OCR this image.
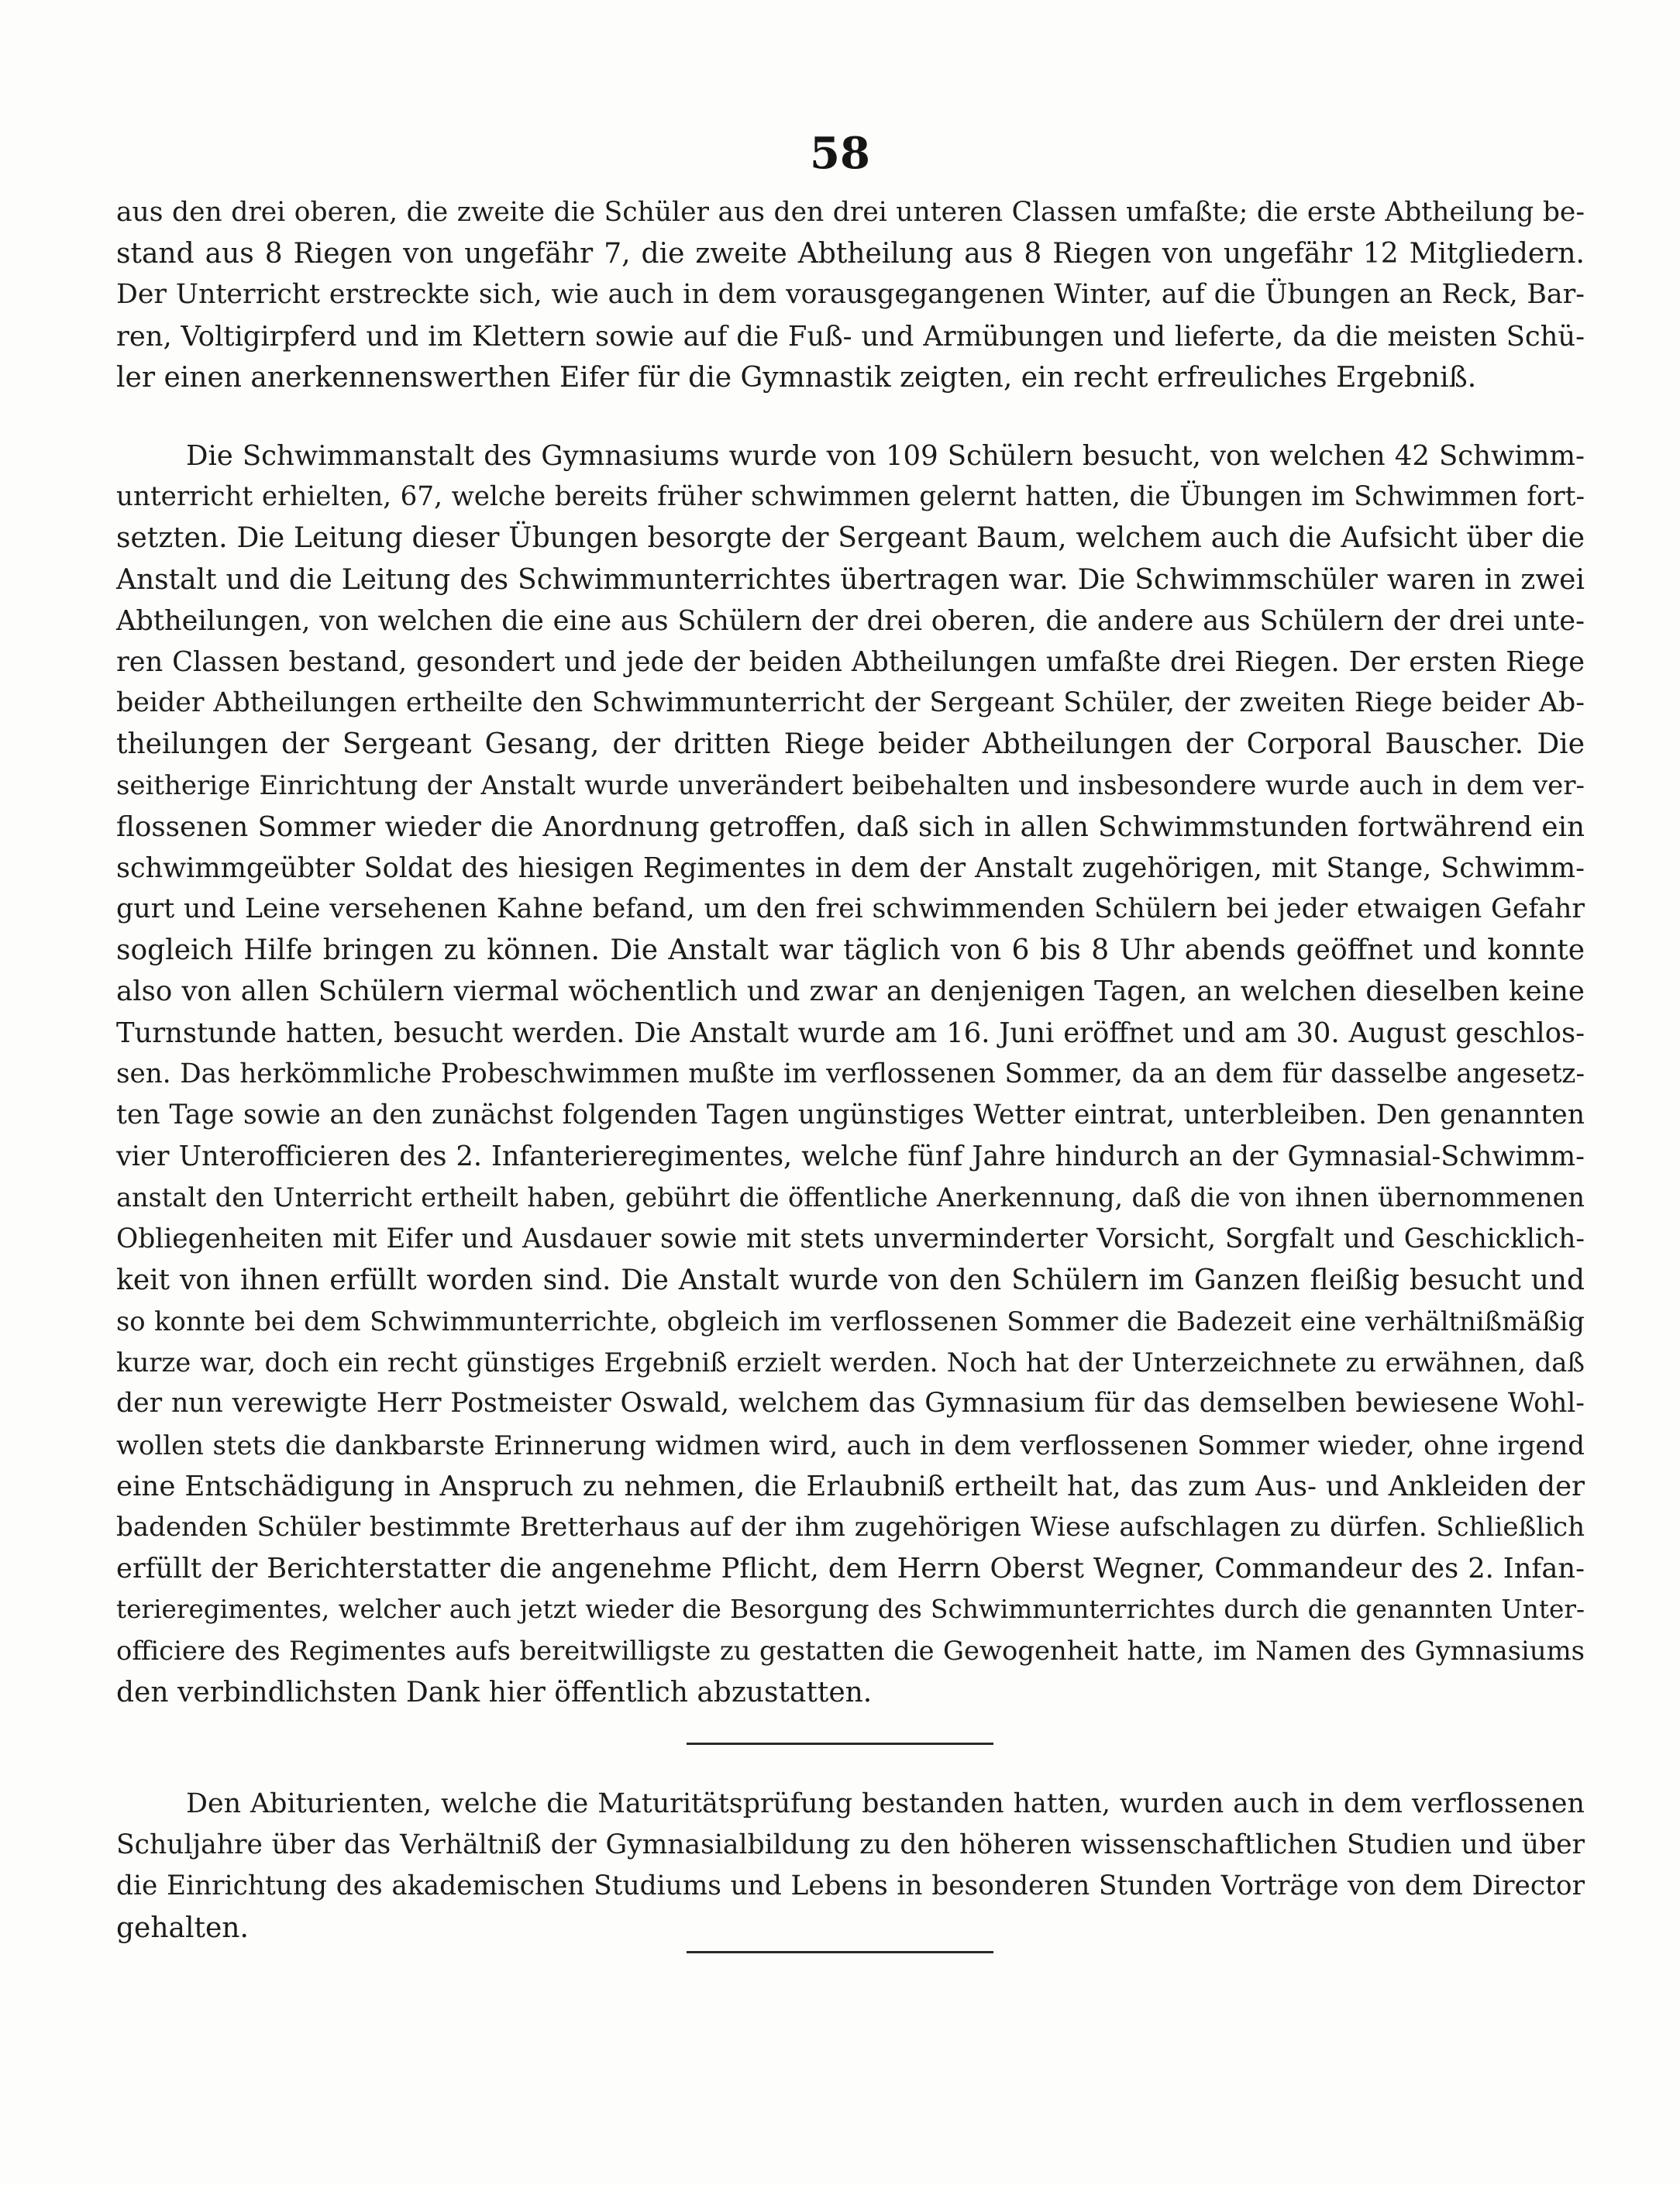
58
aus den drei oberen, die zweite die Schüler aus den drei unteren Classen umfaßte; die erste Abtheilung be-
stand aus 8 Riegen von ungefähr 7, die zweite Abtheilung aus 8 Riegen von ungefähr 12 Mitgliedern.
Der Unterricht erstreckte sich, wie auch in dem vorausgegangenen Winter, auf die Übungen an Reck, Bar-
ren, Voltigirpferd und im Klettern sowie auf die Fuß- und Armübungen und lieferte, da die meisten Schü-
ler einen anerkennenswerthen Eifer für die Gymnastik zeigten, ein recht erfreuliches Ergebniß.
Die Schwimmanstalt des Gymnasiums wurde von 109 Schülern besucht, von welchen 42 Schwimm-
unterricht erhielten, 67, welche bereits früher schwimmen gelernt hatten, die Übungen im Schwimmen fort-
setzten. Die Leitung dieser Übungen besorgte der Sergeant Baum, welchem auch die Aufsicht über die
Anstalt und die Leitung des Schwimmunterrichtes übertragen war. Die Schwimmschüler waren in zwei
Abtheilungen, von welchen die eine aus Schülern der drei oberen, die andere aus Schülern der drei unte-
ren Classen bestand, gesondert und jede der beiden Abtheilungen umfaßte drei Riegen. Der ersten Riege
beider Abtheilungen ertheilte den Schwimmunterricht der Sergeant Schüler, der zweiten Riege beider Ab-
theilungen der Sergeant Gesang, der dritten Riege beider Abtheilungen der Corporal Bauscher. Die
seitherige Einrichtung der Anstalt wurde unverändert beibehalten und insbesondere wurde auch in dem ver-
flossenen Sommer wieder die Anordnung getroffen, daß sich in allen Schwimmstunden fortwährend ein
schwimmgeübter Soldat des hiesigen Regimentes in dem der Anstalt zugehörigen, mit Stange, Schwimm-
gurt und Leine versehenen Kahne befand, um den frei schwimmenden Schülern bei jeder etwaigen Gefahr
sogleich Hilfe bringen zu können. Die Anstalt war täglich von 6 bis 8 Uhr abends geöffnet und konnte
also von allen Schülern viermal wöchentlich und zwar an denjenigen Tagen, an welchen dieselben keine
Turnstunde hatten, besucht werden. Die Anstalt wurde am 16. Juni eröffnet und am 30. August geschlos-
sen. Das herkömmliche Probeschwimmen mußte im verflossenen Sommer, da an dem für dasselbe angesetz-
ten Tage sowie an den zunächst folgenden Tagen ungünstiges Wetter eintrat, unterbleiben. Den genannten
vier Unterofficieren des 2. Infanterieregimentes, welche fünf Jahre hindurch an der Gymnasial-Schwimm-
anstalt den Unterricht ertheilt haben, gebührt die öffentliche Anerkennung, daß die von ihnen übernommenen
Obliegenheiten mit Eifer und Ausdauer sowie mit stets unverminderter Vorsicht, Sorgfalt und Geschicklich-
keit von ihnen erfüllt worden sind. Die Anstalt wurde von den Schülern im Ganzen fleißig besucht und
so konnte bei dem Schwimmunterrichte, obgleich im verflossenen Sommer die Badezeit eine verhältnißmäßig
kurze war, doch ein recht günstiges Ergebniß erzielt werden. Noch hat der Unterzeichnete zu erwähnen, daß
der nun verewigte Herr Postmeister Oswald, welchem das Gymnasium für das demselben bewiesene Wohl-
wollen stets die dankbarste Erinnerung widmen wird, auch in dem verflossenen Sommer wieder, ohne irgend
eine Entschädigung in Anspruch zu nehmen, die Erlaubniß ertheilt hat, das zum Aus- und Ankleiden der
badenden Schüler bestimmte Bretterhaus auf der ihm zugehörigen Wiese aufschlagen zu dürfen. Schließlich
erfüllt der Berichterstatter die angenehme Pflicht, dem Herrn Oberst Wegner, Commandeur des 2. Infan-
terieregimentes, welcher auch jetzt wieder die Besorgung des Schwimmunterrichtes durch die genannten Unter-
officiere des Regimentes aufs bereitwilligste zu gestatten die Gewogenheit hatte, im Namen des Gymnasiums
den verbindlichsten Dank hier öffentlich abzustatten.
Den Abiturienten, welche die Maturitätsprüfung bestanden hatten, wurden auch in dem verflossenen
Schuljahre über das Verhältniß der Gymnasialbildung zu den höheren wissenschaftlichen Studien und über
die Einrichtung des akademischen Studiums und Lebens in besonderen Stunden Vorträge von dem Director
gehalten.
